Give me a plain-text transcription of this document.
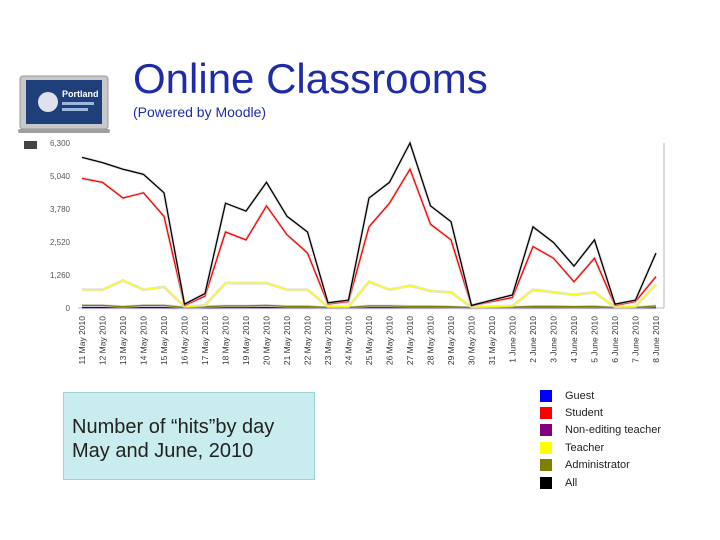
Portland Online Classrooms
(Powered by Moodle)
0
1,260
2,520
3,780
5,040
6,300
11 May 2010 12 May 2010 13 May 2010 14 May 2010 15 May 2010 16 May 2010 17 May 2010 18 May 2010 19 May 2010 20 May 2010 21 May 2010 22 May 2010 23 May 2010 24 May 2010 25 May 2010 26 May 2010 27 May 2010 28 May 2010 29 May 2010 30 May 2010 31 May 2010 1 June 2010 2 June 2010 3 June 2010 4 June 2010 5 June 2010 6 June 2010 7 June 2010 8 June 2010
Number of “hits”by day
May and June, 2010
Guest
Student
Non-editing teacher
Teacher
Administrator
All
